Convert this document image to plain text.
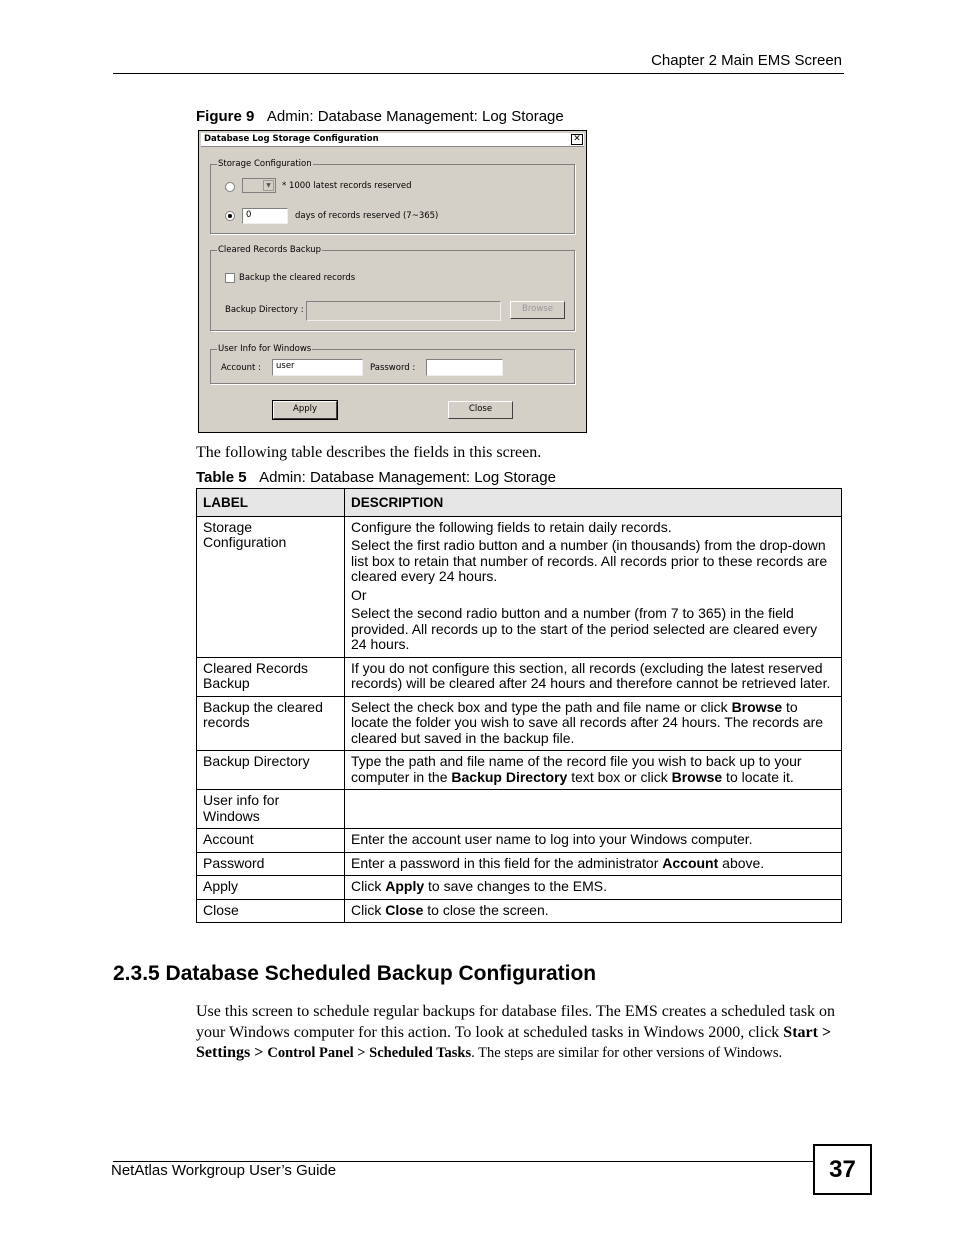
Chapter 2 Main EMS Screen
Figure 9 Admin: Database Management: Log Storage
Database Log Storage Configuration	✕
Storage Configuration
▼	* 1000 latest records reserved
0	days of records reserved (7~365)
Cleared Records Backup
Backup the cleared records
Backup Directory :	Browse
User Info for Windows
Account :	user	Password :
Apply	Close
The following table describes the fields in this screen.
Table 5 Admin: Database Management: Log Storage
LABEL	DESCRIPTION
Storage Configuration	Configure the following fields to retain daily records.

Select the first radio button and a number (in thousands) from the drop-down list box to retain that number of records. All records prior to these records are cleared every 24 hours.

Or

Select the second radio button and a number (from 7 to 365) in the field provided. All records up to the start of the period selected are cleared every 24 hours.

Cleared Records Backup	If you do not configure this section, all records (excluding the latest reserved records) will be cleared after 24 hours and therefore cannot be retrieved later.
Backup the cleared records	Select the check box and type the path and file name or click Browse to locate the folder you wish to save all records after 24 hours. The records are cleared but saved in the backup file.
Backup Directory	Type the path and file name of the record file you wish to back up to your computer in the Backup Directory text box or click Browse to locate it.
User info for Windows	
Account	Enter the account user name to log into your Windows computer.
Password	Enter a password in this field for the administrator Account above.
Apply	Click Apply to save changes to the EMS.
Close	Click Close to close the screen.
2.3.5 Database Scheduled Backup Configuration
Use this screen to schedule regular backups for database files. The EMS creates a scheduled task on your Windows computer for this action. To look at scheduled tasks in Windows 2000, click Start > Settings > Control Panel > Scheduled Tasks. The steps are similar for other versions of Windows.
NetAtlas Workgroup User’s Guide	37
